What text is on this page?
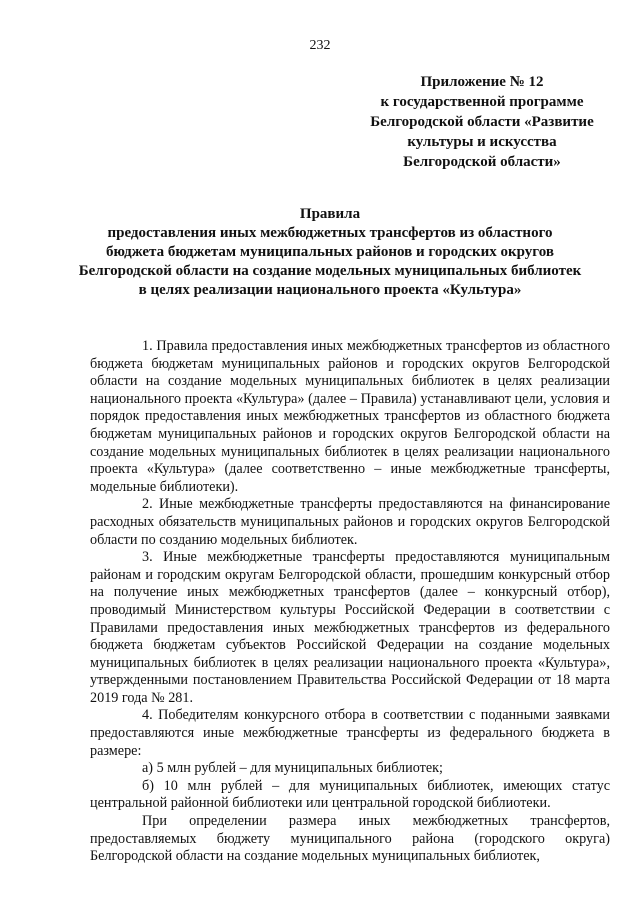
232
Приложение № 12
к государственной программе
Белгородской области «Развитие
культуры и искусства
Белгородской области»
Правила
предоставления иных межбюджетных трансфертов из областного
бюджета бюджетам муниципальных районов и городских округов
Белгородской области на создание модельных муниципальных библиотек
в целях реализации национального проекта «Культура»

1. Правила предоставления иных межбюджетных трансфертов из областного бюджета бюджетам муниципальных районов и городских округов Белгородской области на создание модельных муниципальных библиотек в целях реализации национального проекта «Культура» (далее – Правила) устанавливают цели, условия и порядок предоставления иных межбюджетных трансфертов из областного бюджета бюджетам муниципальных районов и городских округов Белгородской области на создание модельных муниципальных библиотек в целях реализации национального проекта «Культура» (далее соответственно – иные межбюджетные трансферты, модельные библиотеки).

2. Иные межбюджетные трансферты предоставляются на финансирование расходных обязательств муниципальных районов и городских округов Белгородской области по созданию модельных библиотек.

3. Иные межбюджетные трансферты предоставляются муниципальным районам и городским округам Белгородской области, прошедшим конкурсный отбор на получение иных межбюджетных трансфертов (далее – конкурсный отбор), проводимый Министерством культуры Российской Федерации в соответствии с Правилами предоставления иных межбюджетных трансфертов из федерального бюджета бюджетам субъектов Российской Федерации на создание модельных муниципальных библиотек в целях реализации национального проекта «Культура», утвержденными постановлением Правительства Российской Федерации от 18 марта 2019 года № 281.

4. Победителям конкурсного отбора в соответствии с поданными заявками предоставляются иные межбюджетные трансферты из федерального бюджета в размере:

а) 5 млн рублей – для муниципальных библиотек;

б) 10 млн рублей – для муниципальных библиотек, имеющих статус центральной районной библиотеки или центральной городской библиотеки.

При определении размера иных межбюджетных трансфертов, предоставляемых бюджету муниципального района (городского округа) Белгородской области на создание модельных муниципальных библиотек,
